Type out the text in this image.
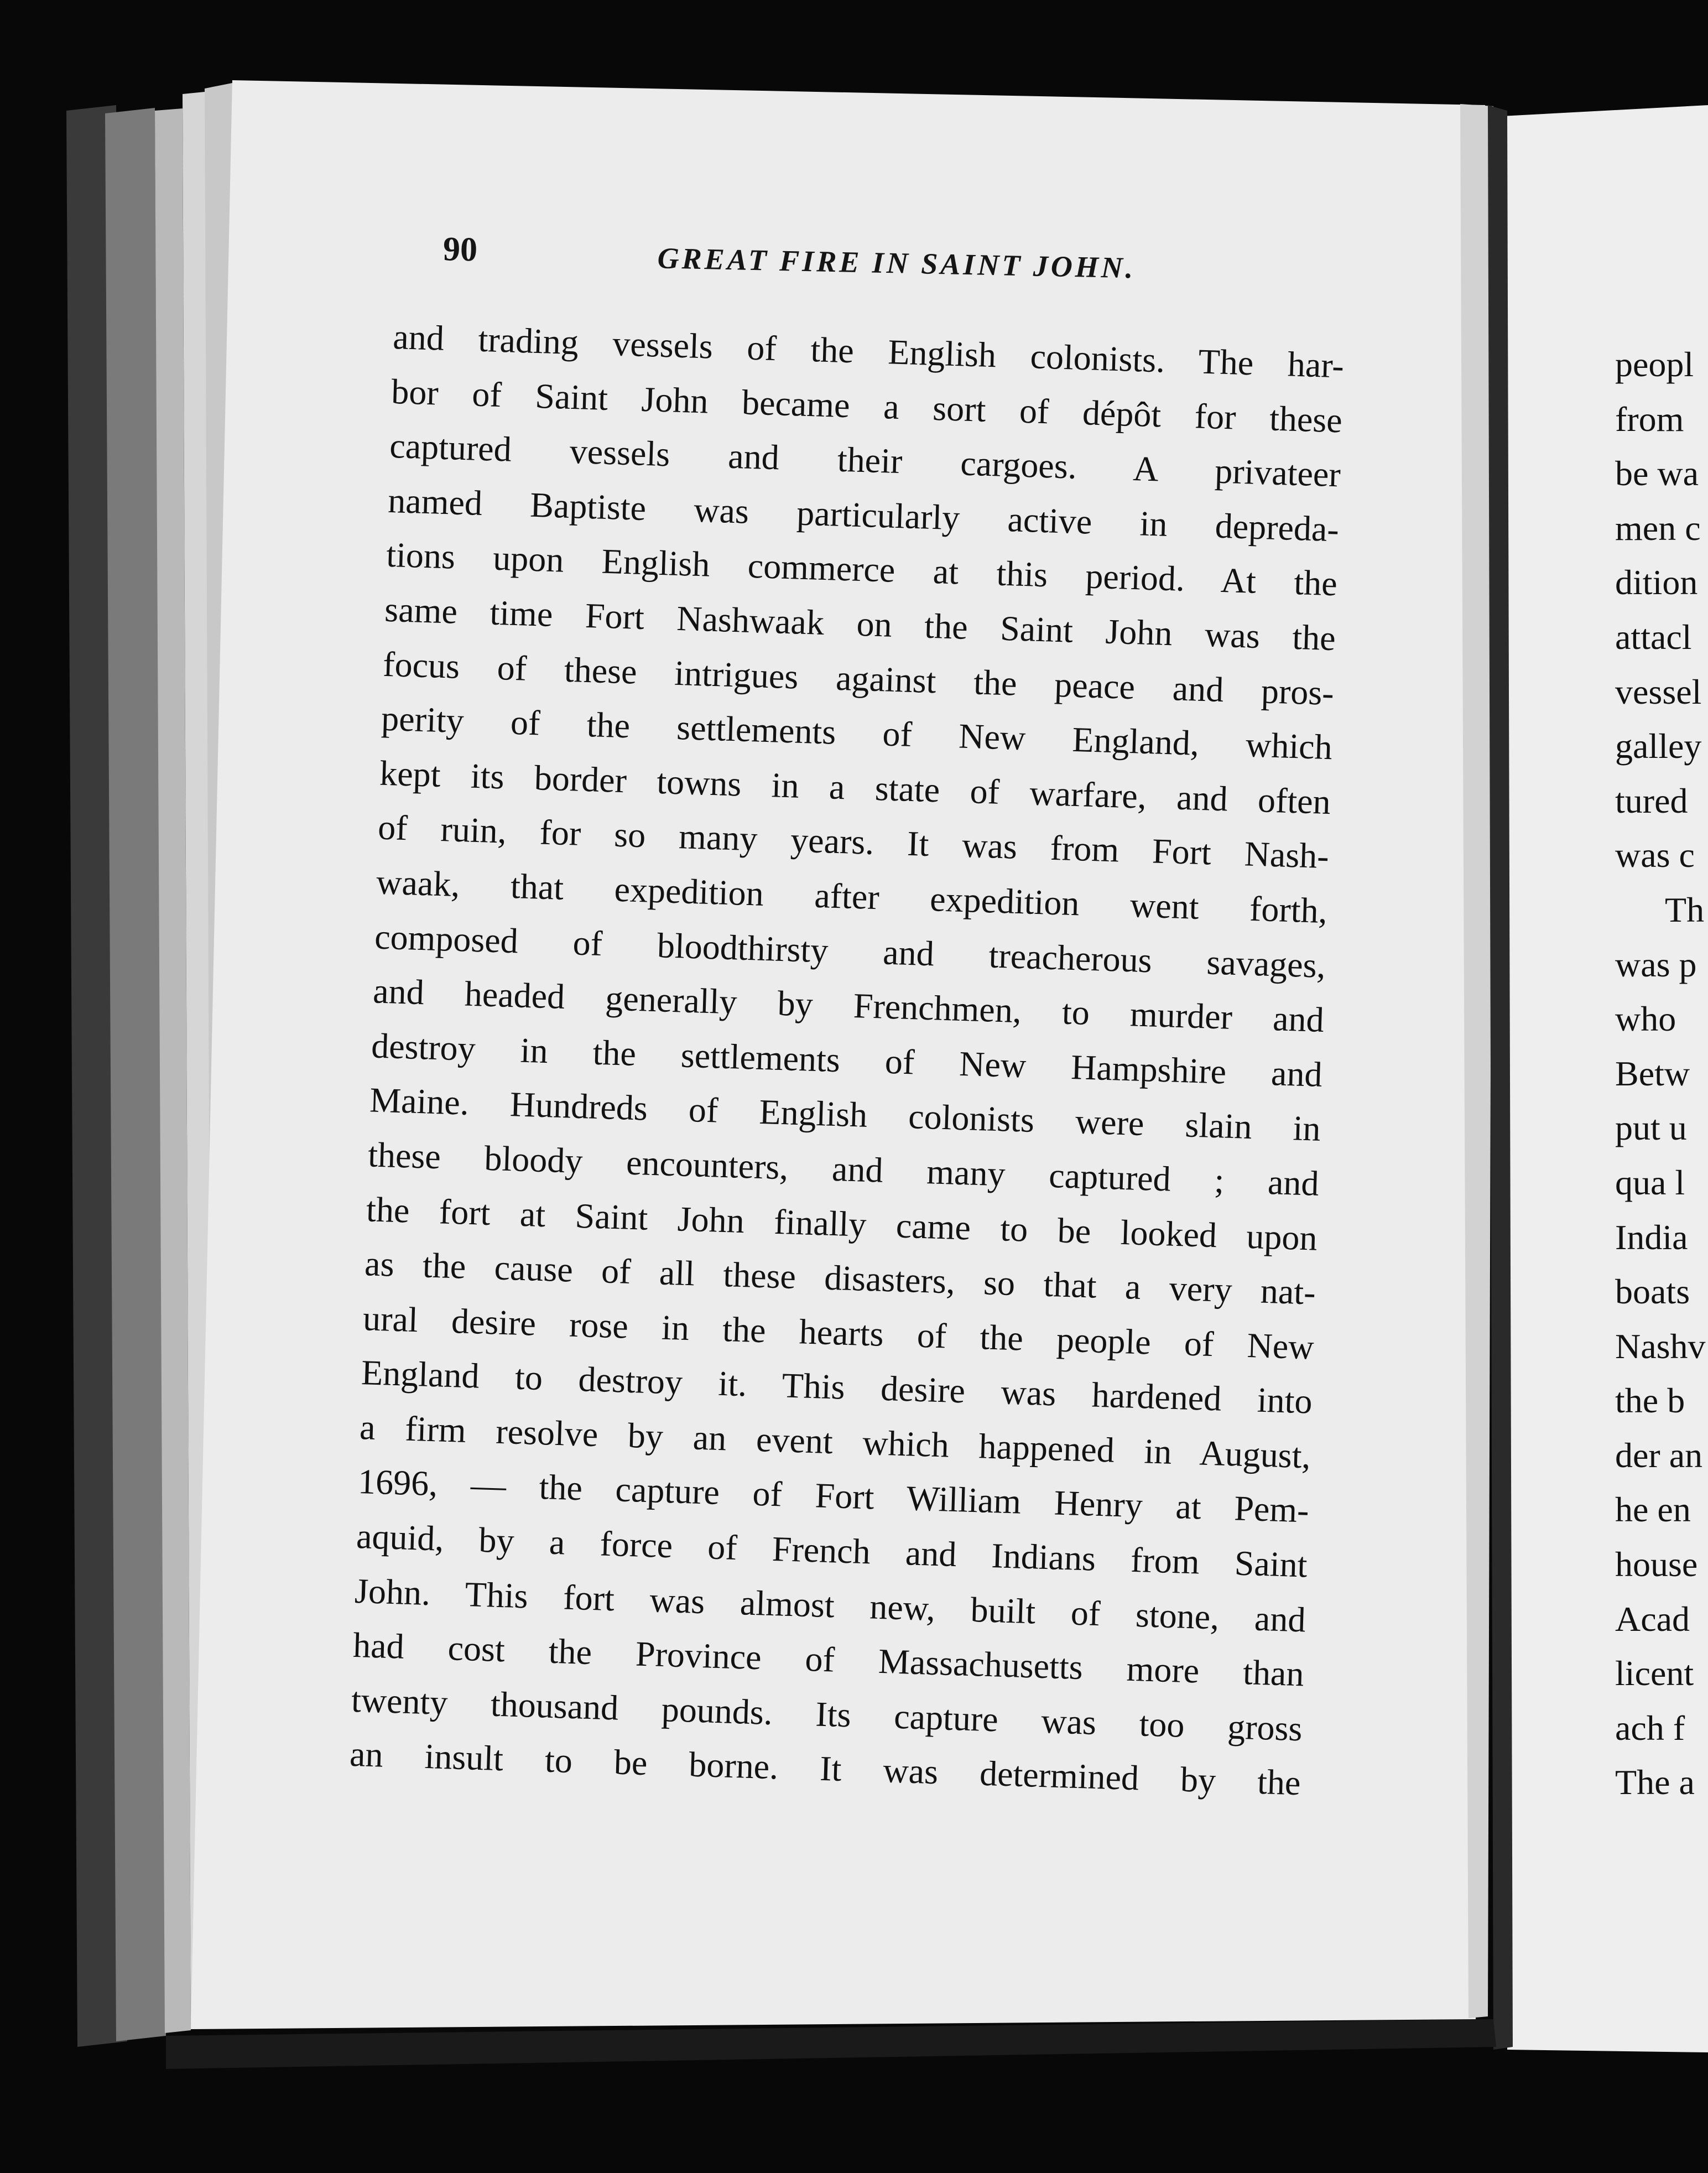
90	GREAT FIRE IN SAINT JOHN.
and trading vessels of the English colonists. The har-
bor of Saint John became a sort of dépôt for these
captured vessels and their cargoes. A privateer
named Baptiste was particularly active in depreda-
tions upon English commerce at this period. At the
same time Fort Nashwaak on the Saint John was the
focus of these intrigues against the peace and pros-
perity of the settlements of New England, which
kept its border towns in a state of warfare, and often
of ruin, for so many years. It was from Fort Nash-
waak, that expedition after expedition went forth,
composed of bloodthirsty and treacherous savages,
and headed generally by Frenchmen, to murder and
destroy in the settlements of New Hampshire and
Maine. Hundreds of English colonists were slain in
these bloody encounters, and many captured ; and
the fort at Saint John finally came to be looked upon
as the cause of all these disasters, so that a very nat-
ural desire rose in the hearts of the people of New
England to destroy it. This desire was hardened into
a firm resolve by an event which happened in August,
1696, — the capture of Fort William Henry at Pem-
aquid, by a force of French and Indians from Saint
John. This fort was almost new, built of stone, and
had cost the Province of Massachusetts more than
twenty thousand pounds. Its capture was too gross
an insult to be borne. It was determined by the
peopl
from
be wa
men c
dition
attacl
vessel
galley
tured
was c
Th
was p
who
Betw
put u
qua l
India
boats
Nashv
the b
der an
he en
house
Acad
licent
ach f
The a
